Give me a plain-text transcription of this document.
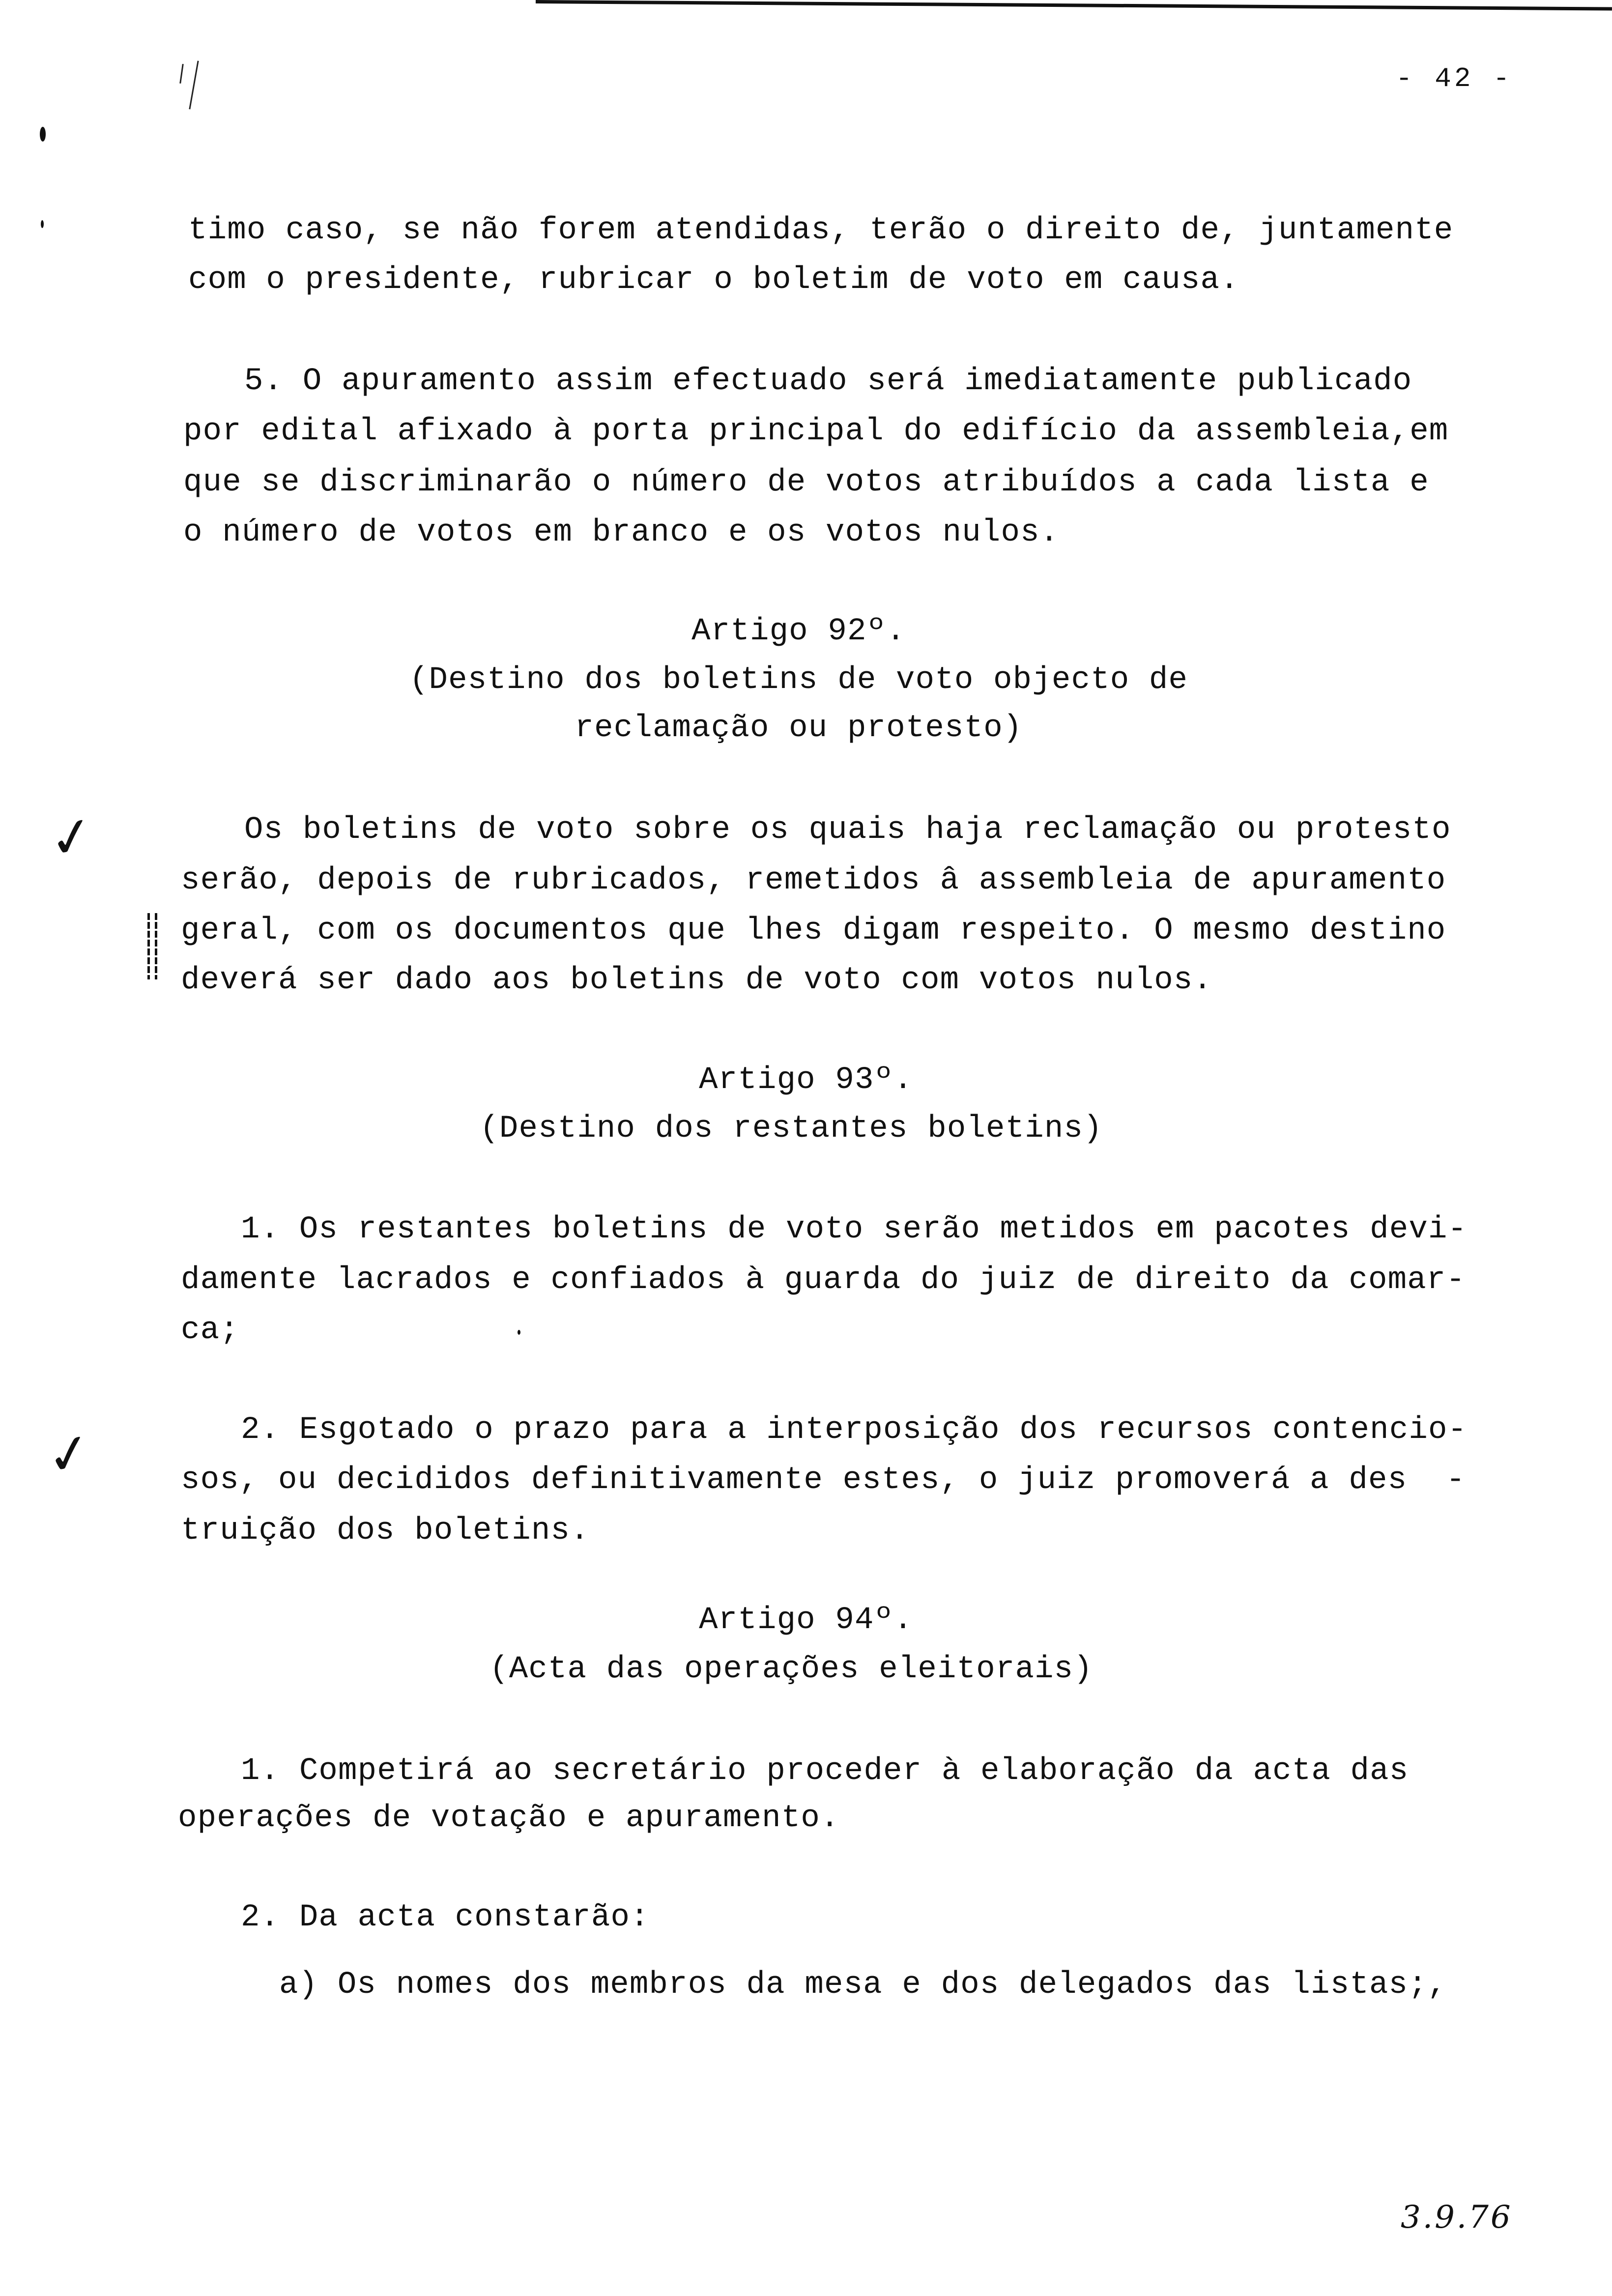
- 42 -
timo caso, se não forem atendidas, terão o direito de, juntamente
com o presidente, rubricar o boletim de voto em causa.
5. O apuramento assim efectuado será imediatamente publicado
por edital afixado à porta principal do edifício da assembleia,em
que se discriminarão o número de votos atribuídos a cada lista e
o número de votos em branco e os votos nulos.
Artigo 92º.
(Destino dos boletins de voto objecto de
reclamação ou protesto)
✓	Os boletins de voto sobre os quais haja reclamação ou protesto
serão, depois de rubricados, remetidos â assembleia de apuramento
geral, com os documentos que lhes digam respeito. O mesmo destino
deverá ser dado aos boletins de voto com votos nulos.
Artigo 93º.
(Destino dos restantes boletins)
1. Os restantes boletins de voto serão metidos em pacotes devi-
damente lacrados e confiados à guarda do juiz de direito da comar-
ca;
✓	2. Esgotado o prazo para a interposição dos recursos contencio-
sos, ou decididos definitivamente estes, o juiz promoverá a des  -
truição dos boletins.
Artigo 94º.
(Acta das operações eleitorais)
1. Competirá ao secretário proceder à elaboração da acta das
operações de votação e apuramento.
2. Da acta constarão:
a) Os nomes dos membros da mesa e dos delegados das listas;,
3.9.76
